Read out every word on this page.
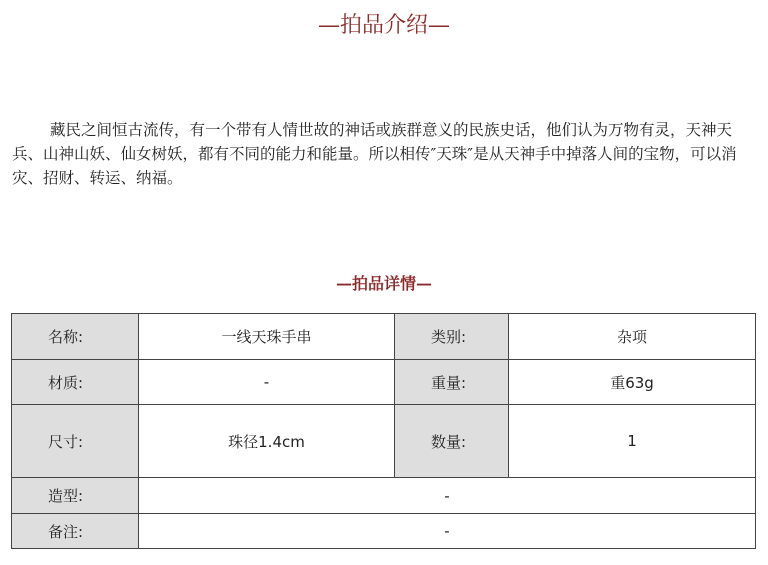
—拍品介绍—

藏民之间恒古流传，有一个带有人情世故的神话或族群意义的民族史话，他们认为万物有灵，天神天兵、山神山妖、仙女树妖，都有不同的能力和能量。所以相传″天珠″是从天神手中掉落人间的宝物，可以消灾、招财、转运、纳福。

—拍品详情—
名称:	一线天珠手串	类别:	杂项
材质:	-	重量:	重63g
尺寸:	珠径1.4cm	数量:	1
造型:	-		
备注:	-		
